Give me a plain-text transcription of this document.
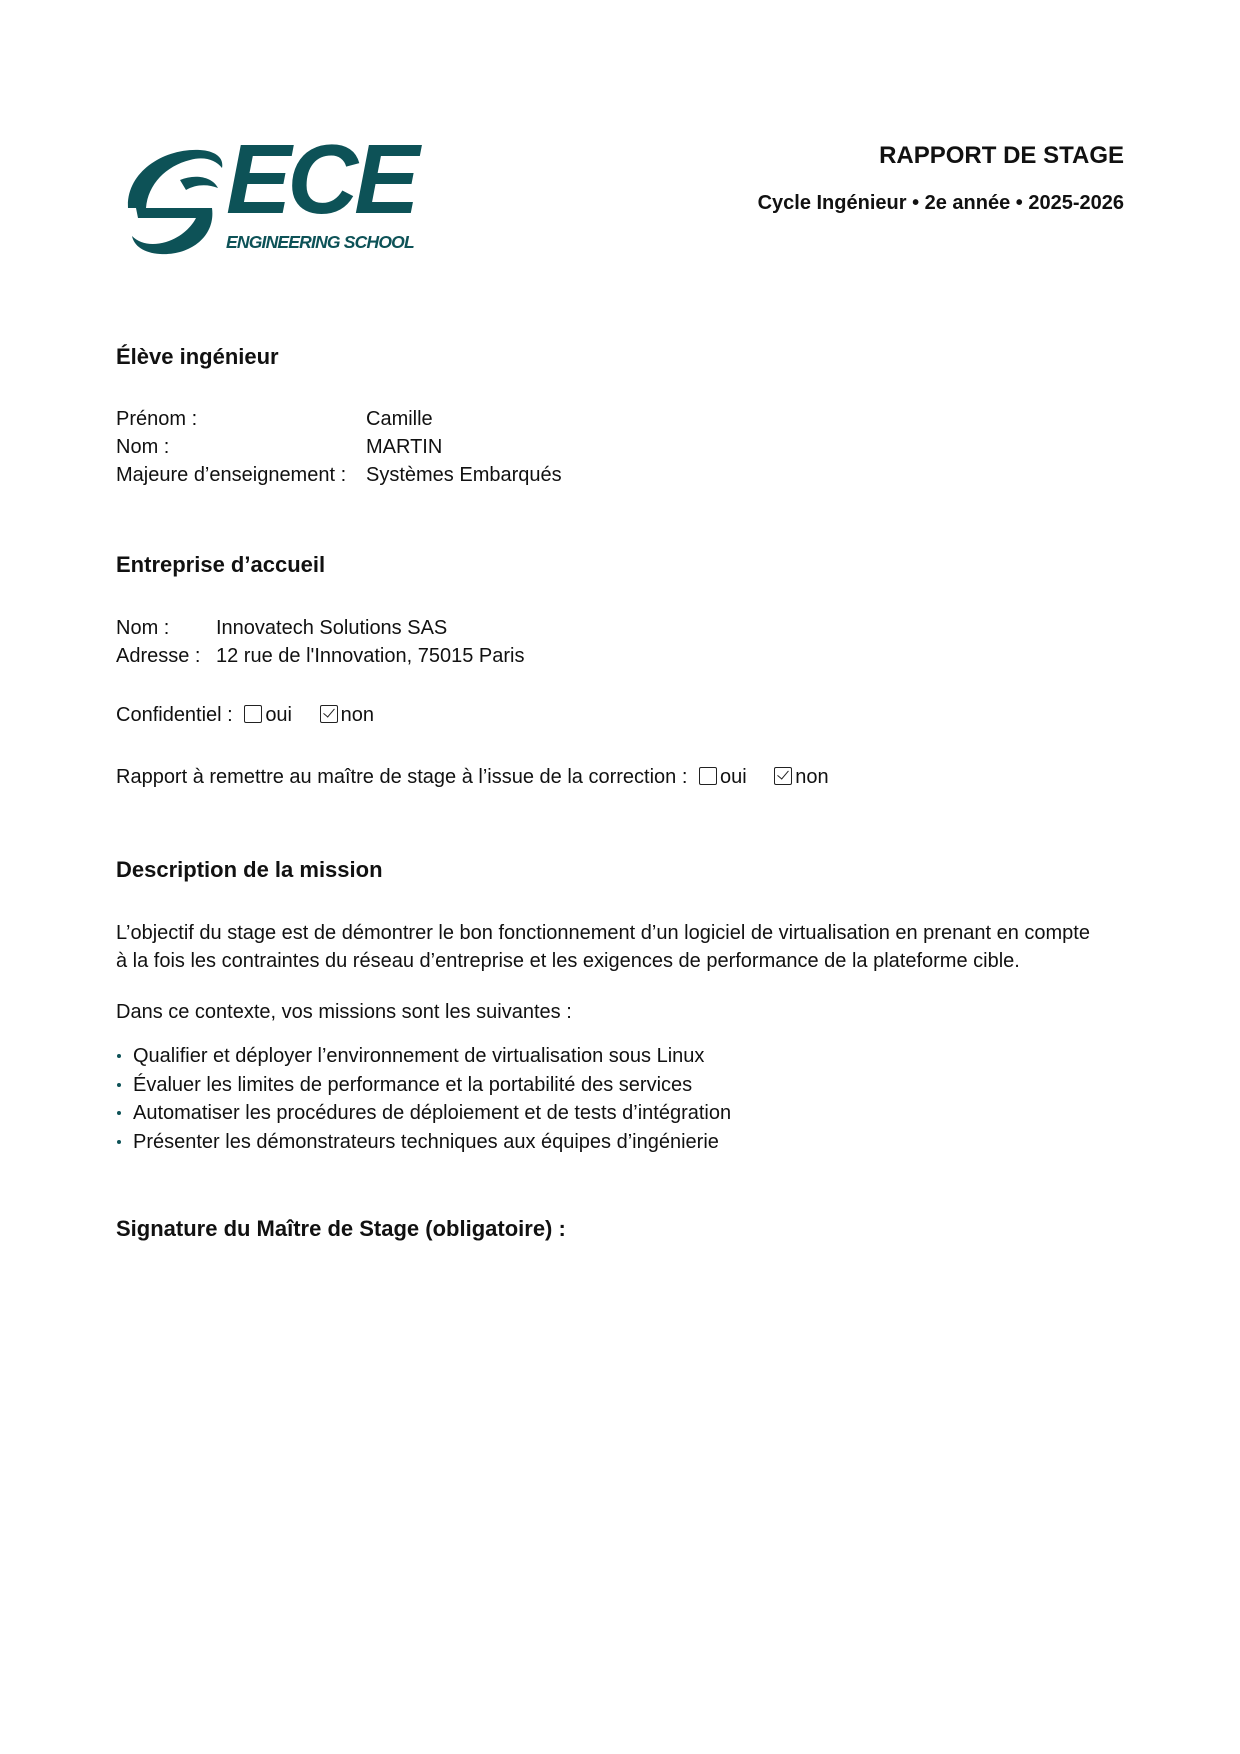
ECE
ENGINEERING SCHOOL
RAPPORT DE STAGE
Cycle Ingénieur • 2e année • 2025-2026
Élève ingénieur
Prénom :	Camille
Nom :	MARTIN
Majeure d’enseignement : Systèmes Embarqués
Entreprise d’accueil
Nom : Innovatech Solutions SAS
Adresse : 12 rue de l'Innovation, 75015 Paris
Confidentiel : oui non
Rapport à remettre au maître de stage à l’issue de la correction : oui non
Description de la mission
L’objectif du stage est de démontrer le bon fonctionnement d’un logiciel de virtualisation en prenant en compte
à la fois les contraintes du réseau d’entreprise et les exigences de performance de la plateforme cible.
Dans ce contexte, vos missions sont les suivantes :
Qualifier et déployer l’environnement de virtualisation sous Linux
Évaluer les limites de performance et la portabilité des services
Automatiser les procédures de déploiement et de tests d’intégration
Présenter les démonstrateurs techniques aux équipes d’ingénierie
Signature du Maître de Stage (obligatoire) :
